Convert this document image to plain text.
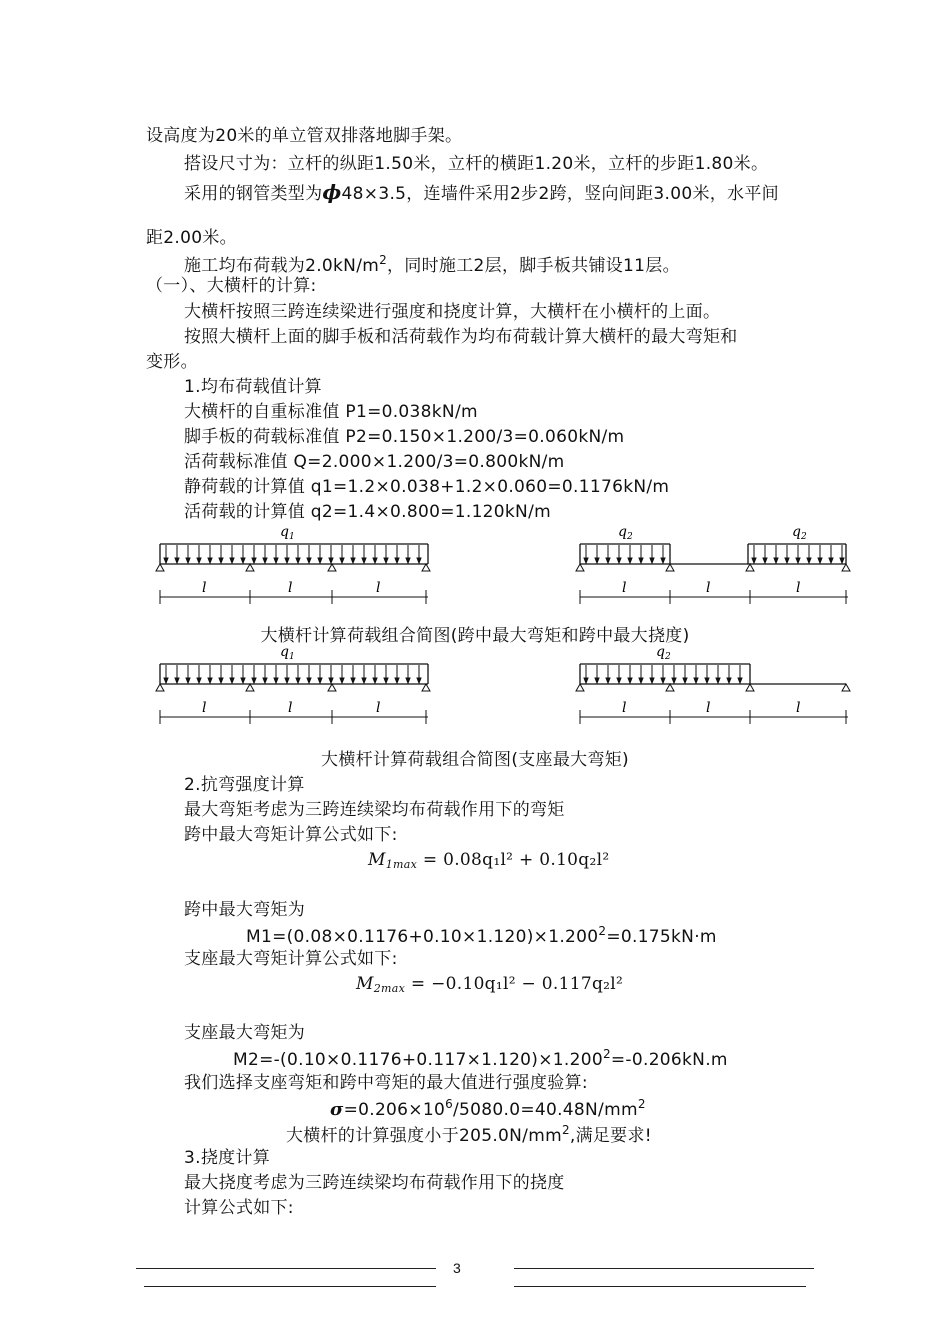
设高度为20米的单立管双排落地脚手架。
搭设尺寸为：立杆的纵距1.50米，立杆的横距1.20米，立杆的步距1.80米。
采用的钢管类型为ϕ48×3.5，连墙件采用2步2跨，竖向间距3.00米，水平间
距2.00米。
施工均布荷载为$2.0kN/m^2$，同时施工2层，脚手板共铺设11层。
（一）、大横杆的计算:
大横杆按照三跨连续梁进行强度和挠度计算，大横杆在小横杆的上面。
按照大横杆上面的脚手板和活荷载作为均布荷载计算大横杆的最大弯矩和
变形。
1.均布荷载值计算
大横杆的自重标准值 P1=0.038kN/m
脚手板的荷载标准值 P2=0.150×1.200/3=0.060kN/m
活荷载标准值 Q=2.000×1.200/3=0.800kN/m
静荷载的计算值 q1=1.2×0.038+1.2×0.060=0.1176kN/m
活荷载的计算值 q2=1.4×0.800=1.120kN/m
$q_1$
l	l	l
$q_2$	$q_2$
l	l	l
大横杆计算荷载组合简图(跨中最大弯矩和跨中最大挠度)
$q_1$
l	l	l
$q_2$
l	l	l
大横杆计算荷载组合简图(支座最大弯矩)
2.抗弯强度计算
最大弯矩考虑为三跨连续梁均布荷载作用下的弯矩
跨中最大弯矩计算公式如下:
$M_{1max} = 0.08q_1l^2 + 0.10q_2l^2$
跨中最大弯矩为
$M1=(0.08\times 0.1176+0.10\times 1.120)\times 1.200^2=0.175kN\cdot m$
支座最大弯矩计算公式如下:
$M_{2max} = -0.10q_1l^2 - 0.117q_2l^2$
支座最大弯矩为
$M2=-(0.10\times 0.1176+0.117\times 1.120)\times 1.200^2=-0.206kN.m$
我们选择支座弯矩和跨中弯矩的最大值进行强度验算:
$\sigma=0.206\times 10^6/5080.0=40.48N/mm^2$
大横杆的计算强度小于$205.0N/mm^2$,满足要求!
3.挠度计算
最大挠度考虑为三跨连续梁均布荷载作用下的挠度
计算公式如下:
3
